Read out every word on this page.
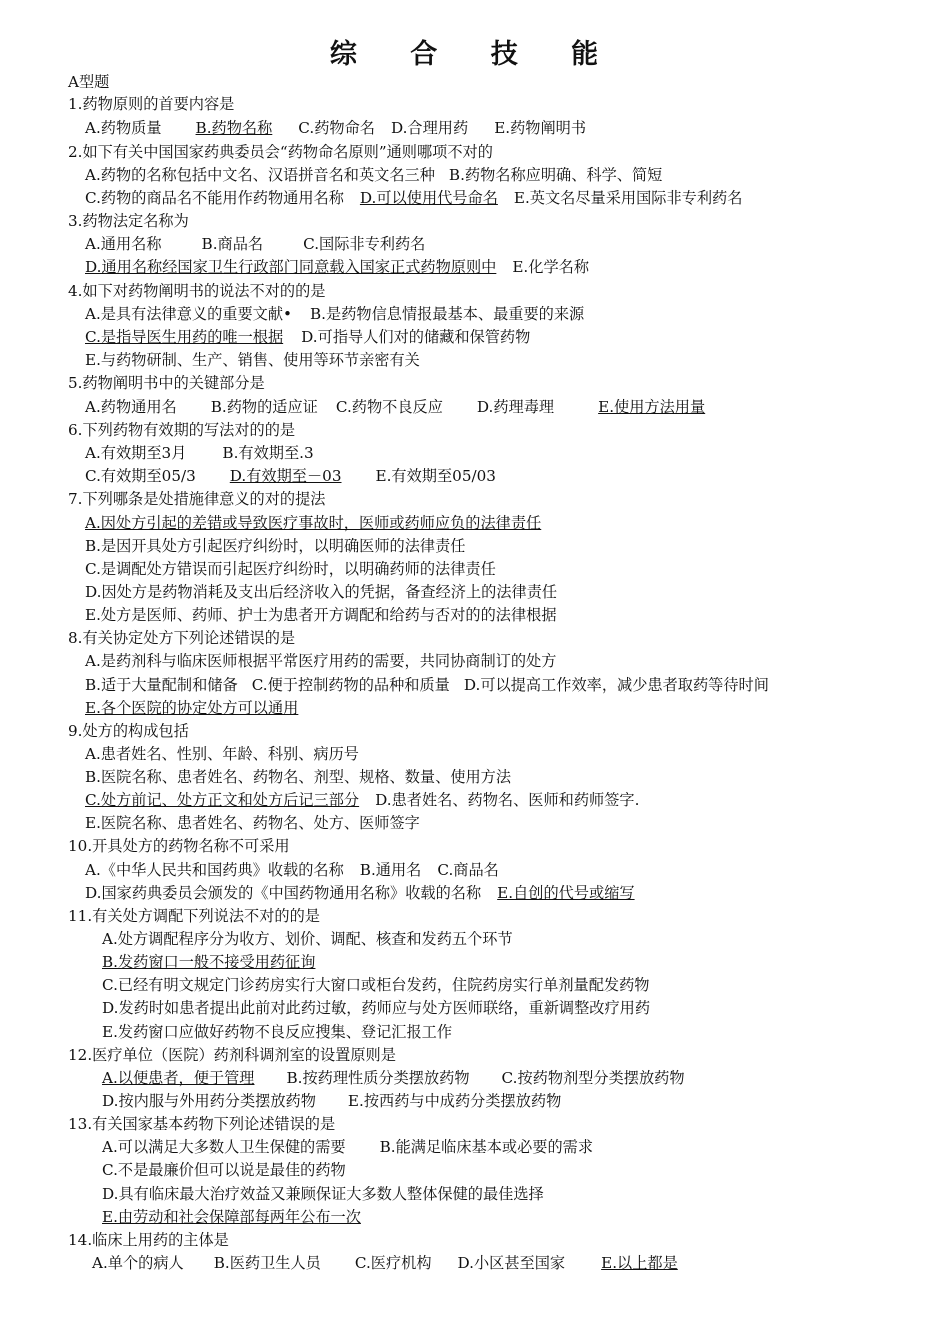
综 合 技 能
A型题
1.药物原则的首要内容是
A.药物质量 B.药物名称 C.药物命名 D.合理用药 E.药物阐明书
2.如下有关中国国家药典委员会“药物命名原则”通则哪项不对的
A.药物的名称包括中文名、汉语拼音名和英文名三种 B.药物名称应明确、科学、简短
C.药物的商品名不能用作药物通用名称 D.可以使用代号命名 E.英文名尽量采用国际非专利药名
3.药物法定名称为
A.通用名称	B.商品名	C.国际非专利药名
D.通用名称经国家卫生行政部门同意载入国家正式药物原则中 E.化学名称
4.如下对药物阐明书的说法不对的的是
A.是具有法律意义的重要文献• B.是药物信息情报最基本、最重要的来源
C.是指导医生用药的唯一根据 D.可指导人们对的储藏和保管药物
E.与药物研制、生产、销售、使用等环节亲密有关
5.药物阐明书中的关键部分是
A.药物通用名 B.药物的适应证 C.药物不良反应 D.药理毒理	E.使用方法用量
6.下列药物有效期的写法对的的是
A.有效期至3月 B.有效期至.3
C.有效期至05/3 D.有效期至－03 E.有效期至05/03
7.下列哪条是处措施律意义的对的提法
A.因处方引起的差错或导致医疗事故时，医师或药师应负的法律责任
B.是因开具处方引起医疗纠纷时，以明确医师的法律责任
C.是调配处方错误而引起医疗纠纷时，以明确药师的法律责任
D.因处方是药物消耗及支出后经济收入的凭据，备查经济上的法律责任
E.处方是医师、药师、护士为患者开方调配和给药与否对的的法律根据
8.有关协定处方下列论述错误的是
A.是药剂科与临床医师根据平常医疗用药的需要，共同协商制订的处方
B.适于大量配制和储备 C.便于控制药物的品种和质量 D.可以提高工作效率，减少患者取药等待时间
E.各个医院的协定处方可以通用
9.处方的构成包括
A.患者姓名、性别、年龄、科别、病历号
B.医院名称、患者姓名、药物名、剂型、规格、数量、使用方法
C.处方前记、处方正文和处方后记三部分 D.患者姓名、药物名、医师和药师签字.
E.医院名称、患者姓名、药物名、处方、医师签字
10.开具处方的药物名称不可采用
A.《中华人民共和国药典》收载的名称 B.通用名 C.商品名
D.国家药典委员会颁发的《中国药物通用名称》收载的名称 E.自创的代号或缩写
11.有关处方调配下列说法不对的的是
A.处方调配程序分为收方、划价、调配、核查和发药五个环节
B.发药窗口一般不接受用药征询
C.已经有明文规定门诊药房实行大窗口或柜台发药，住院药房实行单剂量配发药物
D.发药时如患者提出此前对此药过敏，药师应与处方医师联络，重新调整改疗用药
E.发药窗口应做好药物不良反应搜集、登记汇报工作
12.医疗单位（医院）药剂科调剂室的设置原则是
A.以便患者，便于管理 B.按药理性质分类摆放药物 C.按药物剂型分类摆放药物
D.按内服与外用药分类摆放药物 E.按西药与中成药分类摆放药物
13.有关国家基本药物下列论述错误的是
A.可以满足大多数人卫生保健的需要 B.能满足临床基本或必要的需求
C.不是最廉价但可以说是最佳的药物
D.具有临床最大治疗效益又兼顾保证大多数人整体保健的最佳选择
E.由劳动和社会保障部每两年公布一次
14.临床上用药的主体是
A.单个的病人 B.医药卫生人员 C.医疗机构 D.小区甚至国家 E.以上都是
